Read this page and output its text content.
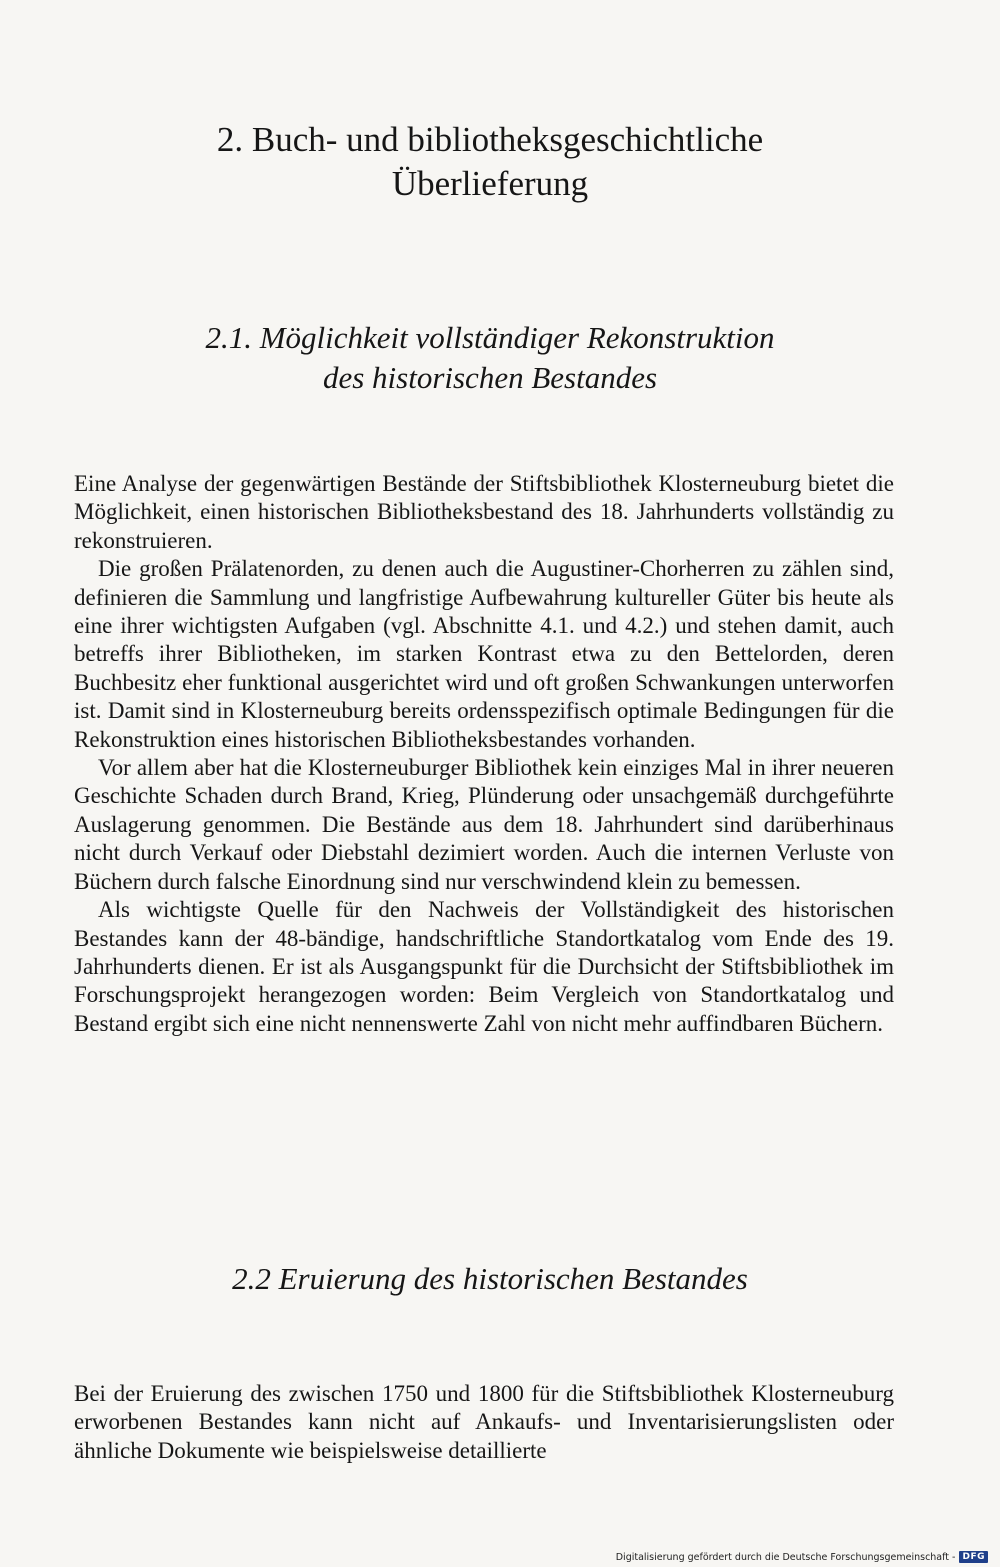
2. Buch- und bibliotheksgeschichtliche
Überlieferung
2.1. Möglichkeit vollständiger Rekonstruktion
des historischen Bestandes

Eine Analyse der gegenwärtigen Bestände der Stiftsbibliothek Klosterneuburg bietet die Möglichkeit, einen historischen Bibliotheksbestand des 18. Jahrhunderts vollständig zu rekonstruieren.

Die großen Prälatenorden, zu denen auch die Augustiner-Chorherren zu zählen sind, definieren die Sammlung und langfristige Aufbewahrung kultureller Güter bis heute als eine ihrer wichtigsten Aufgaben (vgl. Abschnitte 4.1. und 4.2.) und stehen damit, auch betreffs ihrer Bibliotheken, im starken Kontrast etwa zu den Bettelorden, deren Buchbesitz eher funktional ausgerichtet wird und oft großen Schwankungen unterworfen ist. Damit sind in Klosterneuburg bereits ordensspezifisch optimale Bedingungen für die Rekonstruktion eines historischen Bibliotheksbestandes vorhanden.

Vor allem aber hat die Klosterneuburger Bibliothek kein einziges Mal in ihrer neueren Geschichte Schaden durch Brand, Krieg, Plünderung oder unsachgemäß durchgeführte Auslagerung genommen. Die Bestände aus dem 18. Jahrhundert sind darüberhinaus nicht durch Verkauf oder Diebstahl dezimiert worden. Auch die internen Verluste von Büchern durch falsche Einordnung sind nur verschwindend klein zu bemessen.

Als wichtigste Quelle für den Nachweis der Vollständigkeit des historischen Bestandes kann der 48-bändige, handschriftliche Standortkatalog vom Ende des 19. Jahrhunderts dienen. Er ist als Ausgangspunkt für die Durchsicht der Stiftsbibliothek im Forschungsprojekt herangezogen worden: Beim Vergleich von Standortkatalog und Bestand ergibt sich eine nicht nennenswerte Zahl von nicht mehr auffindbaren Büchern.

2.2 Eruierung des historischen Bestandes

Bei der Eruierung des zwischen 1750 und 1800 für die Stiftsbibliothek Klosterneuburg erworbenen Bestandes kann nicht auf Ankaufs- und Inventarisierungslisten oder ähnliche Dokumente wie beispielsweise detaillierte

Digitalisierung gefördert durch die Deutsche Forschungsgemeinschaft - DFG
